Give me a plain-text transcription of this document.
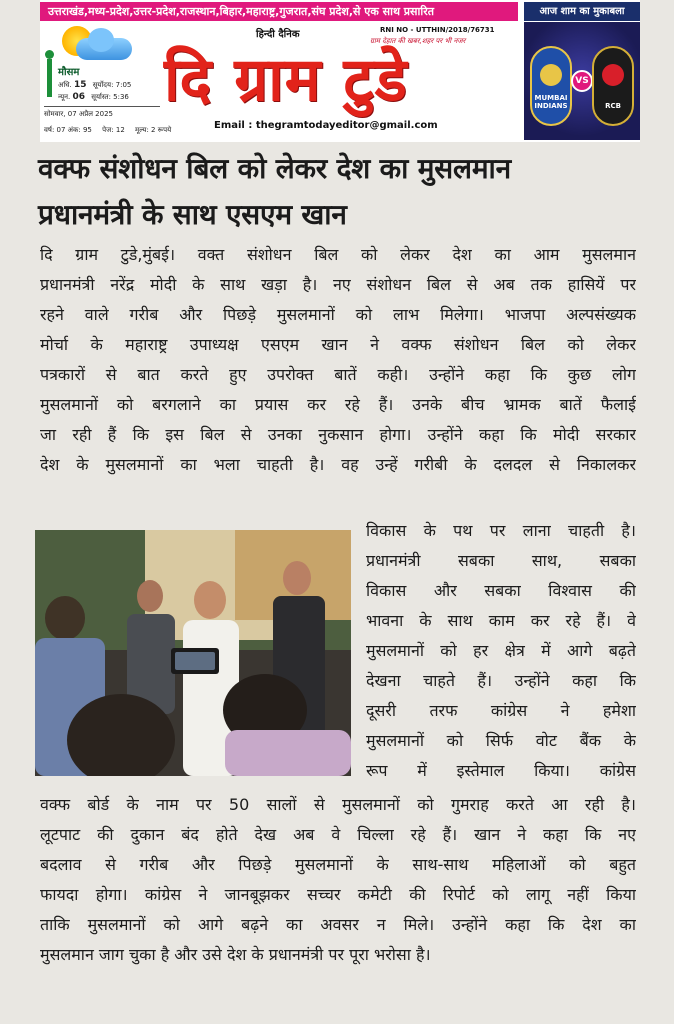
उत्तराखंड,मध्य-प्रदेश,उत्तर-प्रदेश,राजस्थान,बिहार,महाराष्ट्र,गुजरात,संघ प्रदेश,से एक साथ प्रसारित	आज शाम का मुकाबला
मौसम
अधि. 15 सूर्योदय: 7:05
न्यून. 06 सूर्यास्त: 5:36
सोमवार, 07 अप्रैल 2025
वर्ष: 07 अंक: 95 पेज: 12 मूल्य: 2 रूपये
हिन्दी दैनिक	RNI NO - UTTHIN/2018/76731
ग्राम देहात की खबर,शहर पर भी नजर
दि ग्राम टुडे
Email : thegramtodayeditor@gmail.com
MUMBAI INDIANS
VS
RCB
वक्फ संशोधन बिल को लेकर देश का मुसलमान
प्रधानमंत्री के साथ एसएम खान
दि ग्राम टुडे,मुंबई। वक्त संशोधन बिल को लेकर देश का आम मुसलमान
प्रधानमंत्री नरेंद्र मोदी के साथ खड़ा है। नए संशोधन बिल से अब तक हासियें पर
रहने वाले गरीब और पिछड़े मुसलमानों को लाभ मिलेगा। भाजपा अल्पसंख्यक
मोर्चा के महाराष्ट्र उपाध्यक्ष एसएम खान ने वक्फ संशोधन बिल को लेकर
पत्रकारों से बात करते हुए उपरोक्त बातें कही। उन्होंने कहा कि कुछ लोग
मुसलमानों को बरगलाने का प्रयास कर रहे हैं। उनके बीच भ्रामक बातें फैलाई
जा रही हैं कि इस बिल से उनका नुकसान होगा। उन्होंने कहा कि मोदी सरकार
देश के मुसलमानों का भला चाहती है। वह उन्हें गरीबी के दलदल से निकालकर
विकास के पथ पर लाना चाहती है।
प्रधानमंत्री सबका साथ, सबका
विकास और सबका विश्वास की
भावना के साथ काम कर रहे हैं। वे
मुसलमानों को हर क्षेत्र में आगे बढ़ते
देखना चाहते हैं। उन्होंने कहा कि
दूसरी तरफ कांग्रेस ने हमेशा
मुसलमानों को सिर्फ वोट बैंक के
रूप में इस्तेमाल किया। कांग्रेस
वक्फ बोर्ड के नाम पर 50 सालों से मुसलमानों को गुमराह करते आ रही है।
लूटपाट की दुकान बंद होते देख अब वे चिल्ला रहे हैं। खान ने कहा कि नए
बदलाव से गरीब और पिछड़े मुसलमानों के साथ-साथ महिलाओं को बहुत
फायदा होगा। कांग्रेस ने जानबूझकर सच्चर कमेटी की रिपोर्ट को लागू नहीं किया
ताकि मुसलमानों को आगे बढ़ने का अवसर न मिले। उन्होंने कहा कि देश का
मुसलमान जाग चुका है और उसे देश के प्रधानमंत्री पर पूरा भरोसा है।
